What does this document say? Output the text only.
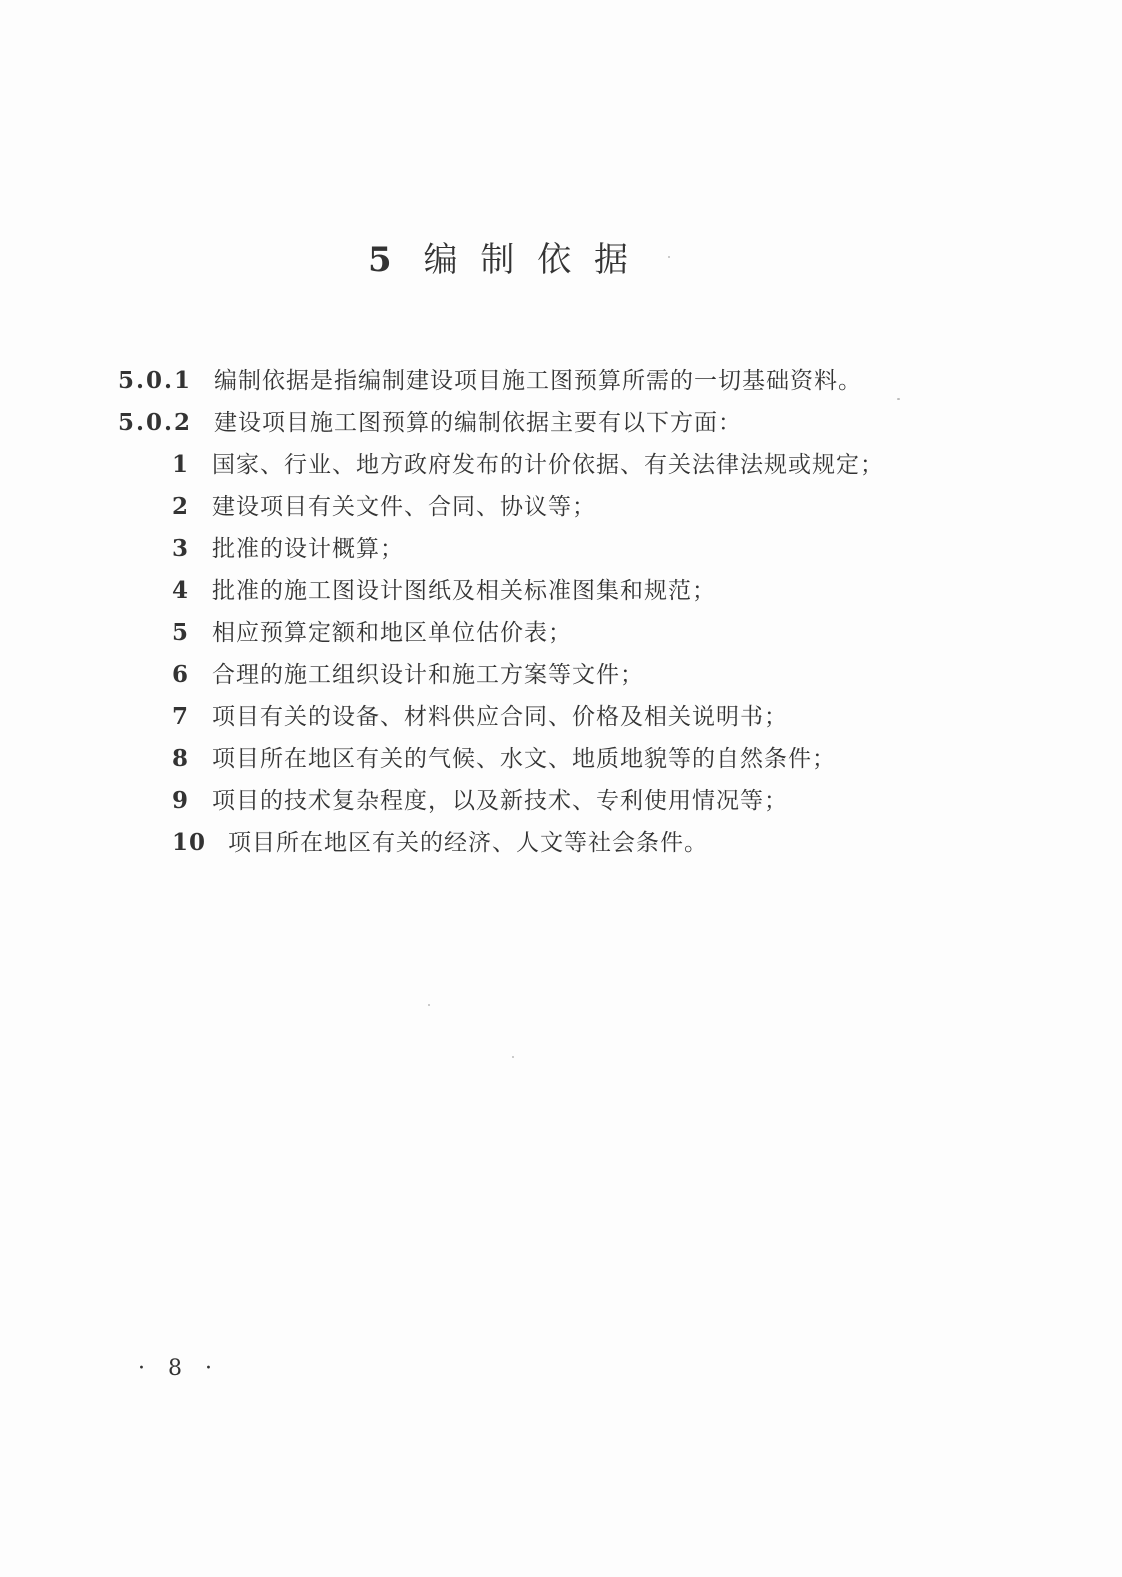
5 编 制 依 据

5.0.1 编制依据是指编制建设项目施工图预算所需的一切基础资料。

5.0.2 建设项目施工图预算的编制依据主要有以下方面：

1 国家、行业、地方政府发布的计价依据、有关法律法规或规定；

2 建设项目有关文件、合同、协议等；

3 批准的设计概算；

4 批准的施工图设计图纸及相关标准图集和规范；

5 相应预算定额和地区单位估价表；

6 合理的施工组织设计和施工方案等文件；

7 项目有关的设备、材料供应合同、价格及相关说明书；

8 项目所在地区有关的气候、水文、地质地貌等的自然条件；

9 项目的技术复杂程度，以及新技术、专利使用情况等；

10 项目所在地区有关的经济、人文等社会条件。

· 8 ·
